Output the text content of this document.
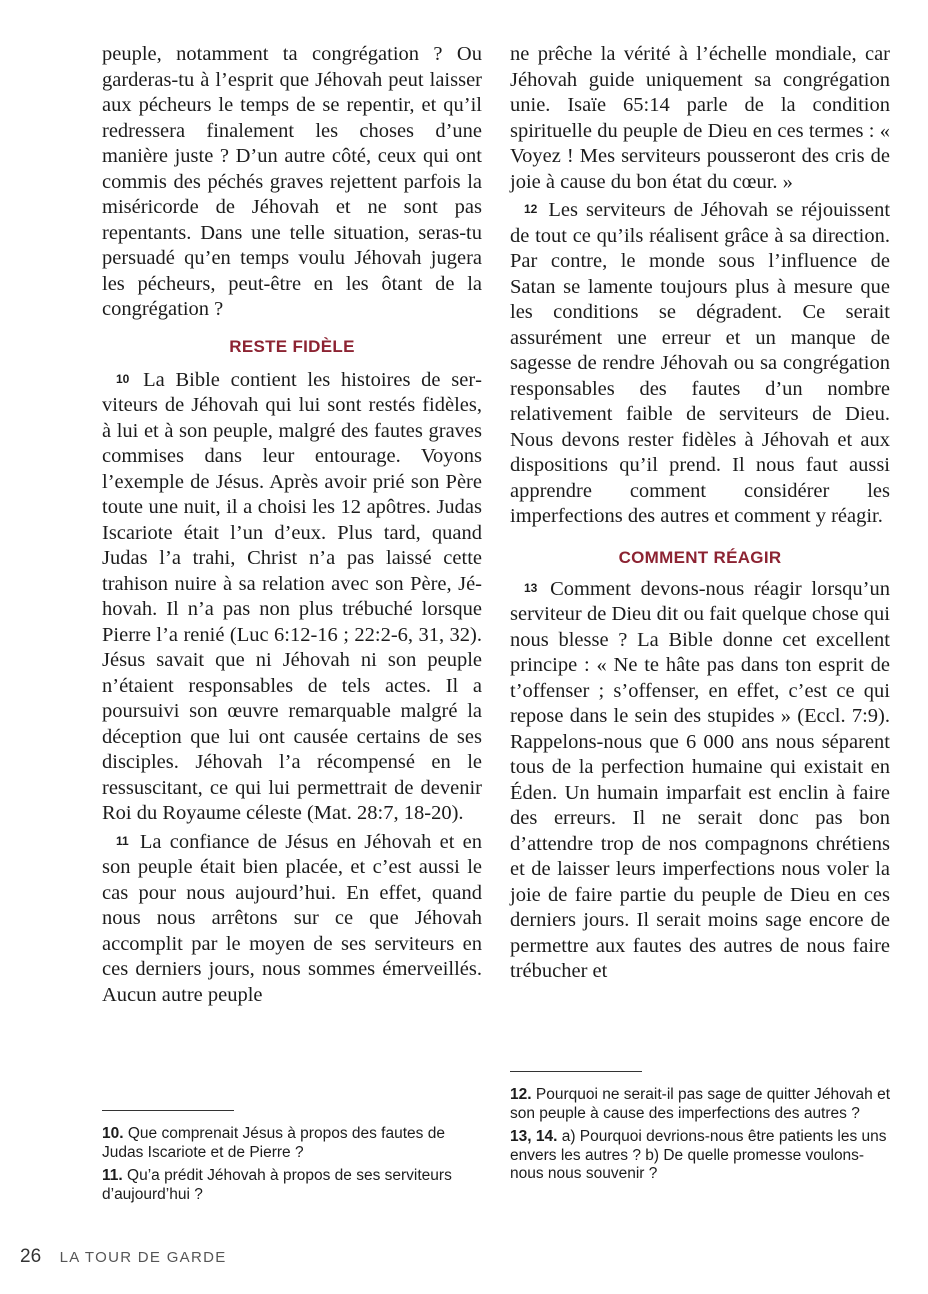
peuple, notamment ta congrégation ? Ou garderas-tu à l’esprit que Jéhovah peut laisser aux pécheurs le temps de se repentir, et qu’il redressera finalement les choses d’une manière juste ? D’un autre côté, ceux qui ont commis des péchés graves rejettent parfois la miséricorde de Jéhovah et ne sont pas repentants. Dans une telle situation, seras-tu persuadé qu’en temps voulu Jéhovah jugera les pécheurs, peut-être en les ôtant de la congrégation ?

RESTE FIDÈLE

10 La Bible contient les histoires de serviteurs de Jéhovah qui lui sont restés fidèles, à lui et à son peuple, malgré des fautes graves commises dans leur entourage. Voyons l’exemple de Jésus. Après avoir prié son Père toute une nuit, il a choisi les 12 apôtres. Judas Iscariote était l’un d’eux. Plus tard, quand Judas l’a trahi, Christ n’a pas laissé cette trahison nuire à sa relation avec son Père, Jéhovah. Il n’a pas non plus trébuché lorsque Pierre l’a renié (Luc 6:12-16 ; 22:2-6, 31, 32). Jésus savait que ni Jéhovah ni son peuple n’étaient responsables de tels actes. Il a poursuivi son œuvre remarquable malgré la déception que lui ont causée certains de ses disciples. Jéhovah l’a récompensé en le ressuscitant, ce qui lui permettrait de devenir Roi du Royaume céleste (Mat. 28:7, 18-20).

11 La confiance de Jésus en Jéhovah et en son peuple était bien placée, et c’est aussi le cas pour nous aujourd’hui. En effet, quand nous nous arrêtons sur ce que Jéhovah accomplit par le moyen de ses serviteurs en ces derniers jours, nous sommes émerveillés. Aucun autre peuple

ne prêche la vérité à l’échelle mondiale, car Jéhovah guide uniquement sa congrégation unie. Isaïe 65:14 parle de la condition spirituelle du peuple de Dieu en ces termes : « Voyez ! Mes serviteurs pousseront des cris de joie à cause du bon état du cœur. »

12 Les serviteurs de Jéhovah se réjouissent de tout ce qu’ils réalisent grâce à sa direction. Par contre, le monde sous l’influence de Satan se lamente toujours plus à mesure que les conditions se dégradent. Ce serait assurément une erreur et un manque de sagesse de rendre Jéhovah ou sa congrégation responsables des fautes d’un nombre relativement faible de serviteurs de Dieu. Nous devons rester fidèles à Jéhovah et aux dispositions qu’il prend. Il nous faut aussi apprendre comment considérer les imperfections des autres et comment y réagir.

COMMENT RÉAGIR

13 Comment devons-nous réagir lorsqu’un serviteur de Dieu dit ou fait quelque chose qui nous blesse ? La Bible donne cet excellent principe : « Ne te hâte pas dans ton esprit de t’offenser ; s’offenser, en effet, c’est ce qui repose dans le sein des stupides » (Eccl. 7:9). Rappelons-nous que 6 000 ans nous séparent tous de la perfection humaine qui existait en Éden. Un humain imparfait est enclin à faire des erreurs. Il ne serait donc pas bon d’attendre trop de nos compagnons chrétiens et de laisser leurs imperfections nous voler la joie de faire partie du peuple de Dieu en ces derniers jours. Il serait moins sage encore de permettre aux fautes des autres de nous faire trébucher et

10. Que comprenait Jésus à propos des fautes de Judas Iscariote et de Pierre ?

11. Qu’a prédit Jéhovah à propos de ses serviteurs d’aujourd’hui ?

12. Pourquoi ne serait-il pas sage de quitter Jéhovah et son peuple à cause des imperfections des autres ?

13, 14. a) Pourquoi devrions-nous être patients les uns envers les autres ? b) De quelle promesse voulons-nous nous souvenir ?

26 LA TOUR DE GARDE
